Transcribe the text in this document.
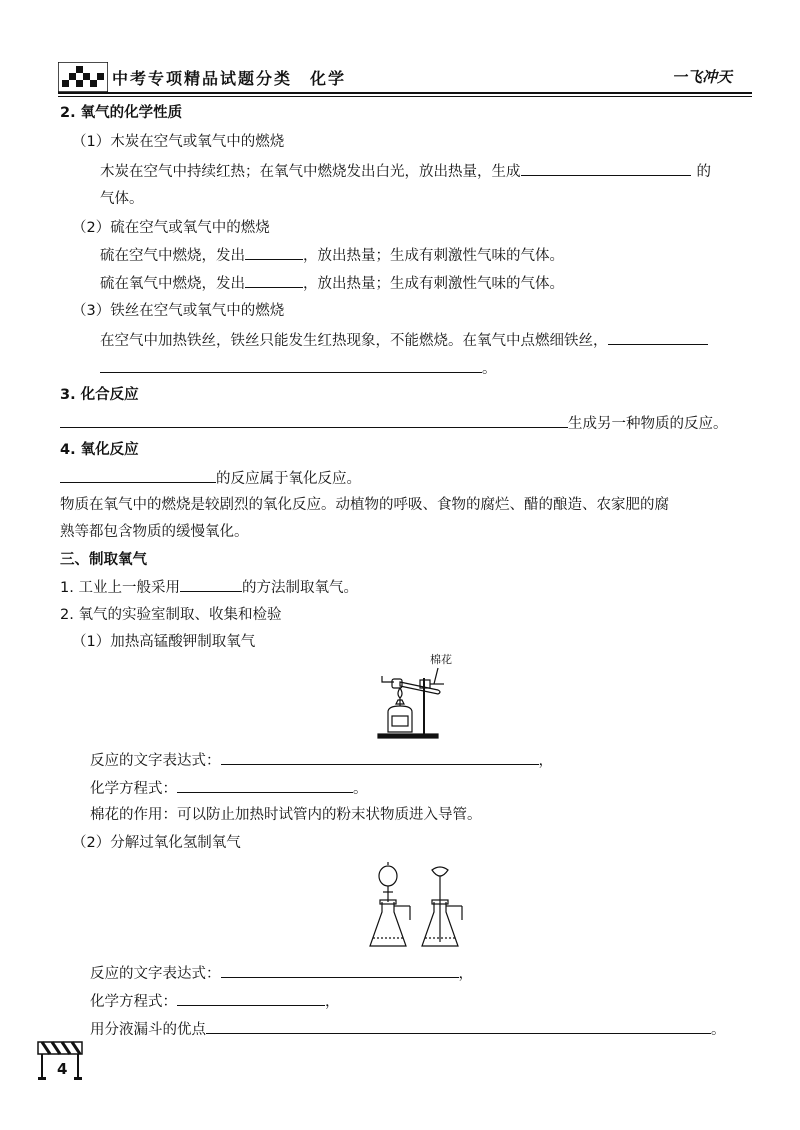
中考专项精品试题分类　化学	一飞冲天
2. 氧气的化学性质
（1）木炭在空气或氧气中的燃烧
木炭在空气中持续红热；在氧气中燃烧发出白光，放出热量，生成	的
气体。
（2）硫在空气或氧气中的燃烧
硫在空气中燃烧，发出	，放出热量；生成有刺激性气味的气体。
硫在氧气中燃烧，发出	，放出热量；生成有刺激性气味的气体。
（3）铁丝在空气或氧气中的燃烧
在空气中加热铁丝，铁丝只能发生红热现象，不能燃烧。在氧气中点燃细铁丝，
。
3. 化合反应
生成另一种物质的反应。
4. 氧化反应
的反应属于氧化反应。
物质在氧气中的燃烧是较剧烈的氧化反应。动植物的呼吸、食物的腐烂、醋的酿造、农家肥的腐
熟等都包含物质的缓慢氧化。
三、制取氧气
1. 工业上一般采用	的方法制取氧气。
2. 氧气的实验室制取、收集和检验
（1）加热高锰酸钾制取氧气
棉花
反应的文字表达式：	，
化学方程式：	。
棉花的作用：可以防止加热时试管内的粉末状物质进入导管。
（2）分解过氧化氢制氧气
反应的文字表达式：	，
化学方程式：	，
用分液漏斗的优点	。
4
